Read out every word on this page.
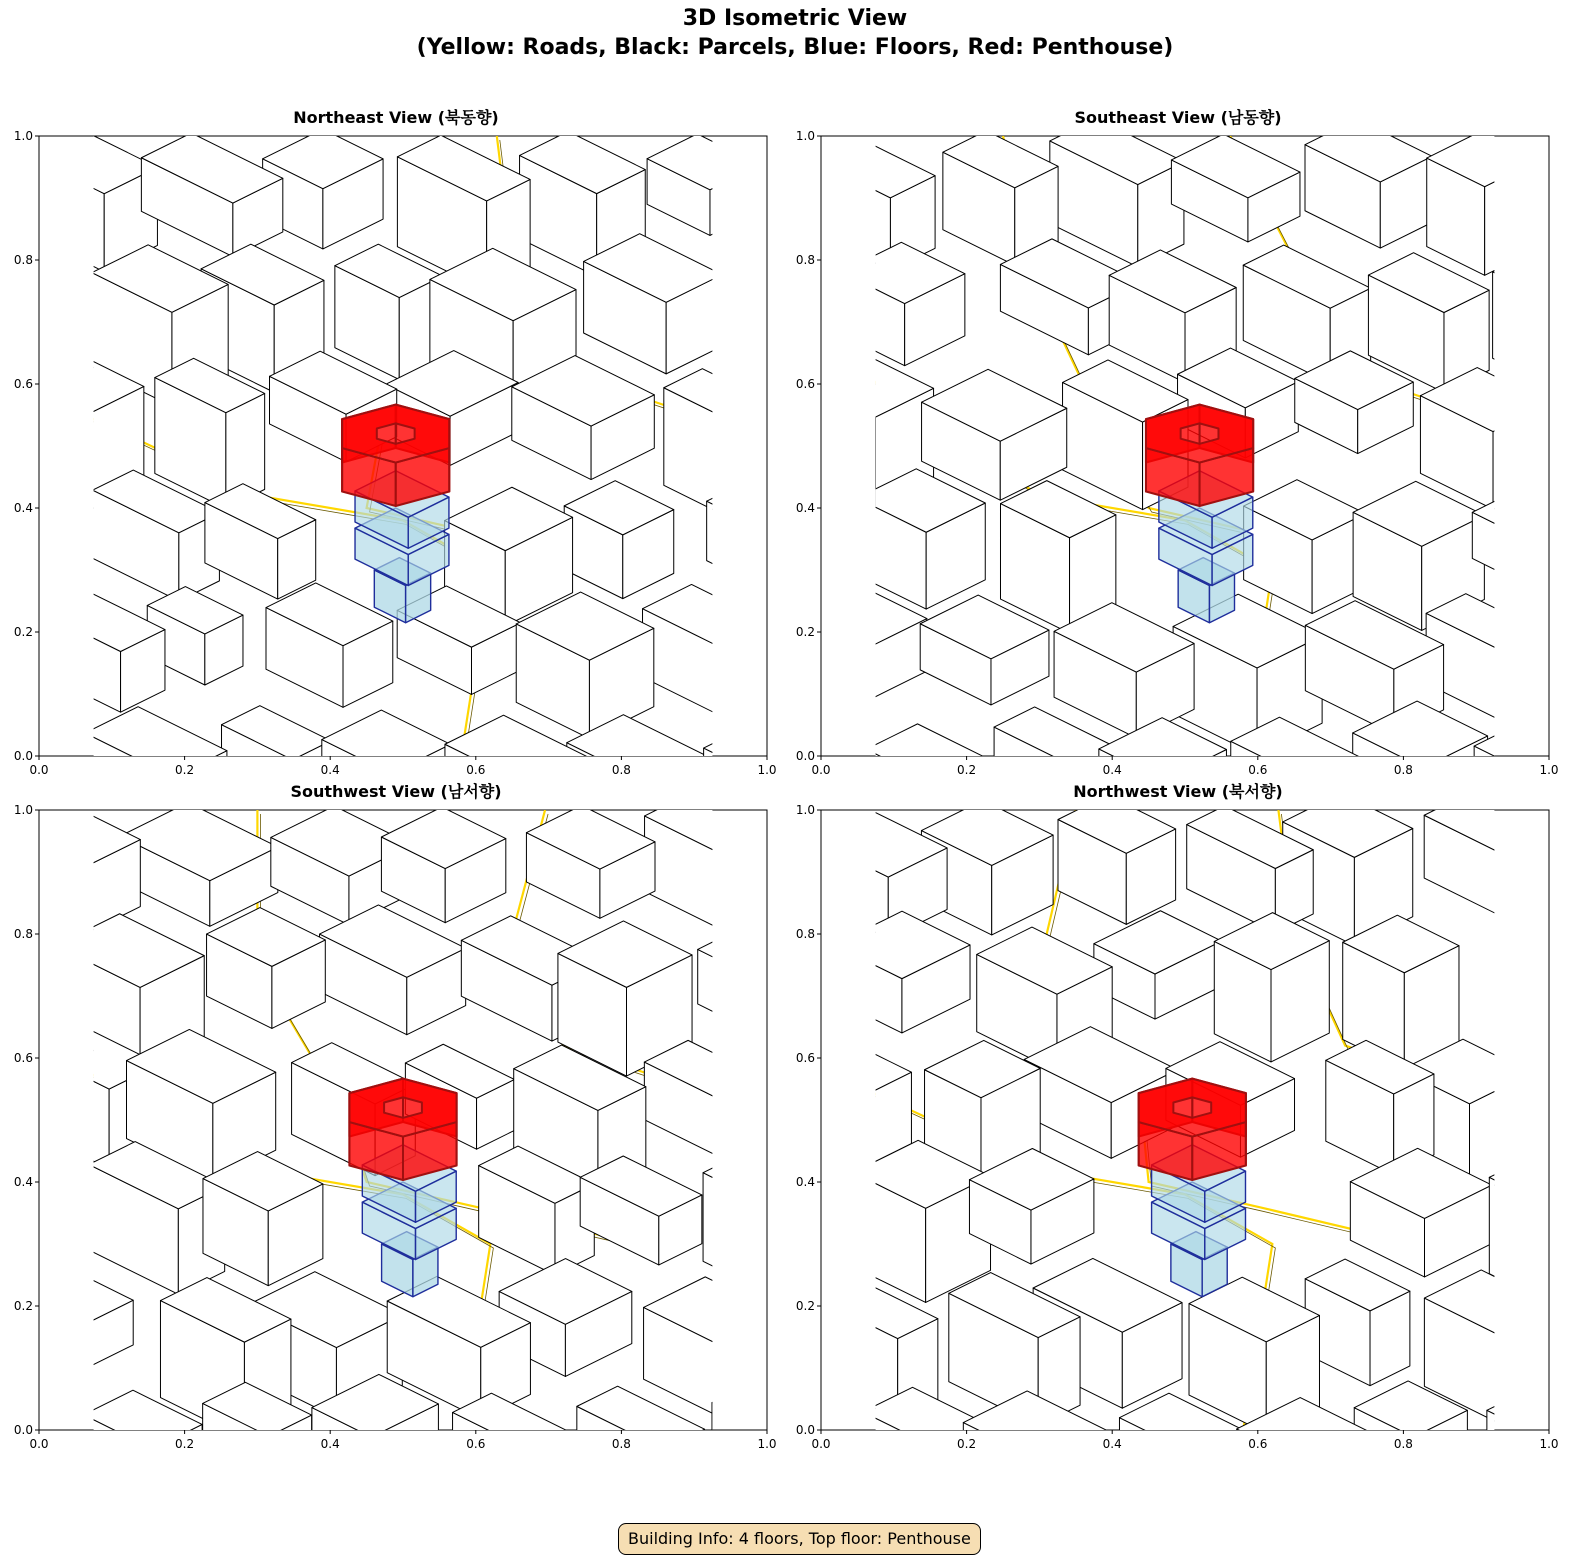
3D Isometric View
(Yellow: Roads, Black: Parcels, Blue: Floors, Red: Penthouse)
Northeast View (북동향)
0.0
0.0
0.2
0.2
0.4
0.4
0.6
0.6
0.8
0.8
1.0
1.0
Southeast View (남동향)
0.0
0.0
0.2
0.2
0.4
0.4
0.6
0.6
0.8
0.8
1.0
1.0
Southwest View (남서향)
0.0
0.0
0.2
0.2
0.4
0.4
0.6
0.6
0.8
0.8
1.0
1.0
Northwest View (북서향)
0.0
0.0
0.2
0.2
0.4
0.4
0.6
0.6
0.8
0.8
1.0
1.0
Building Info: 4 floors, Top floor: Penthouse
